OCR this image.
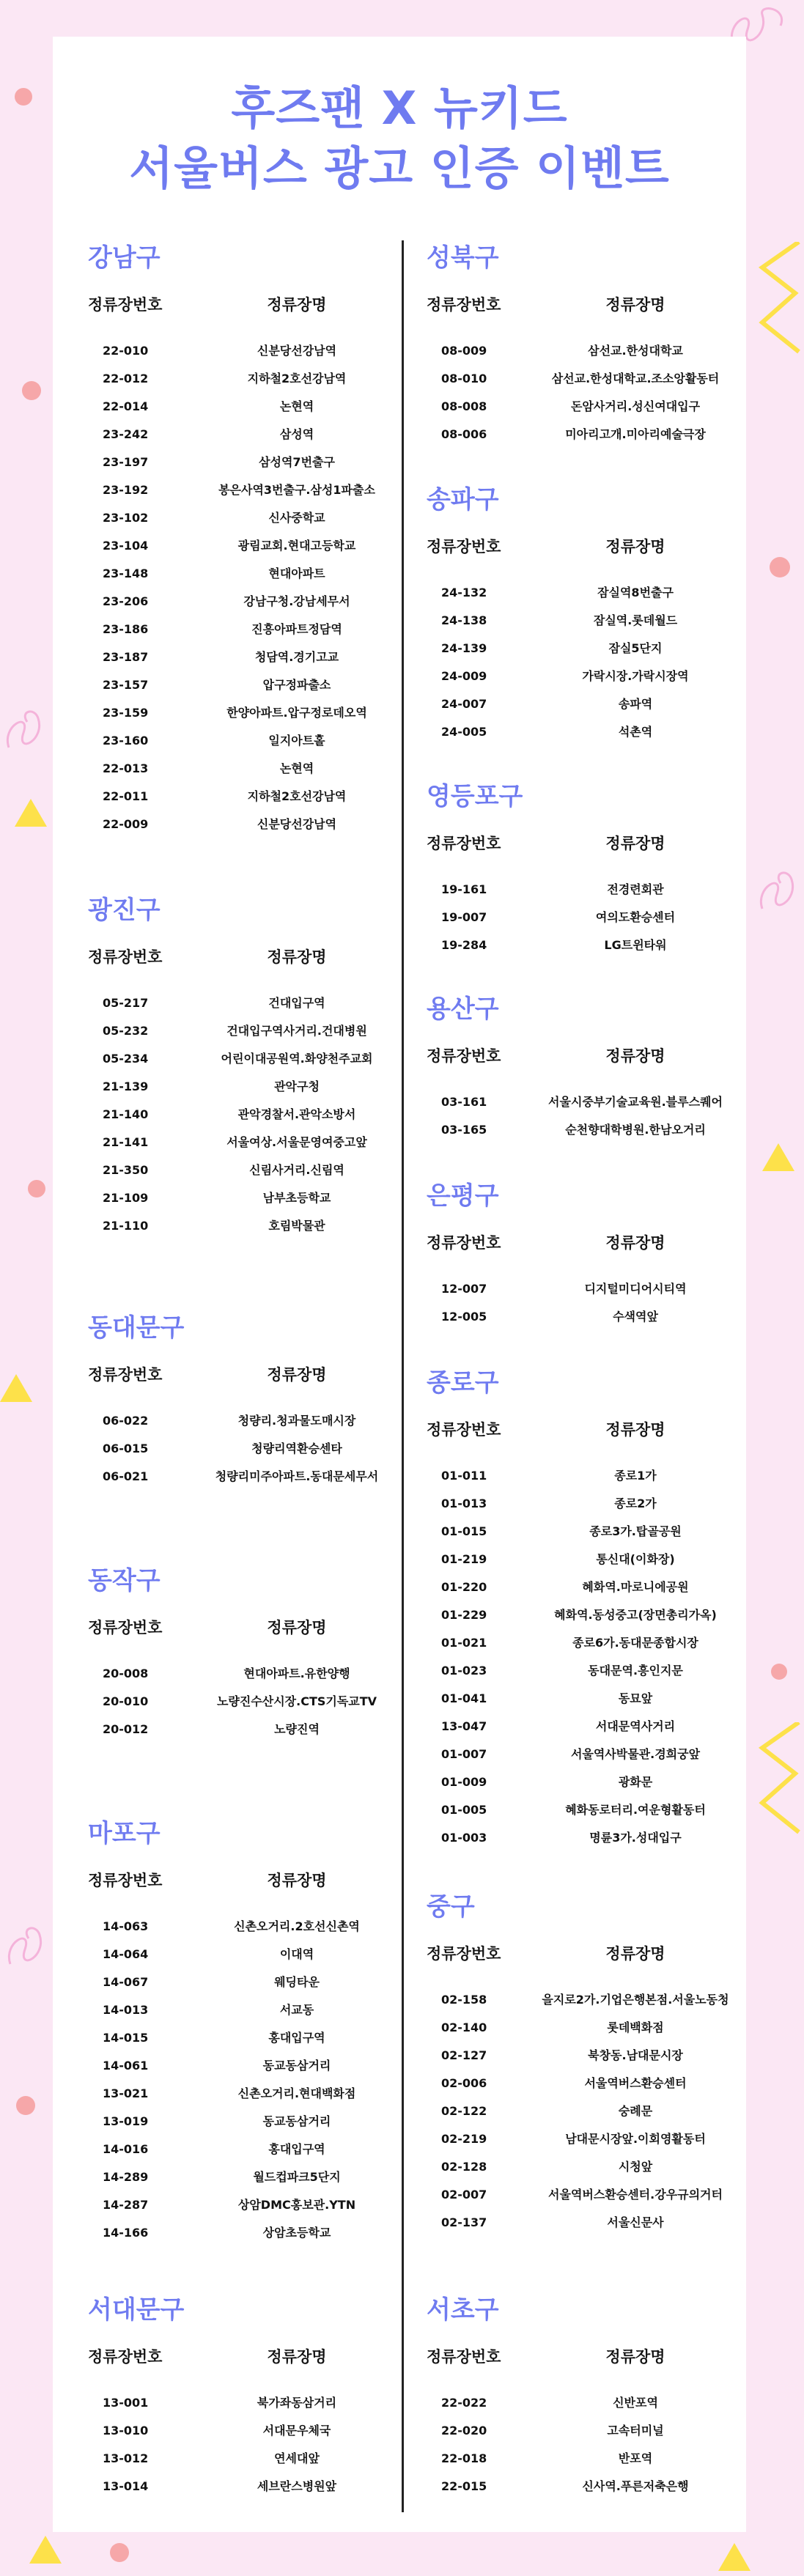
후즈팬 X 뉴키드
서울버스 광고 인증 이벤트
강남구
정류장번호	정류장명
22-010	신분당선강남역
22-012	지하철2호선강남역
22-014	논현역
23-242	삼성역
23-197	삼성역7번출구
23-192	봉은사역3번출구.삼성1파출소
23-102	신사중학교
23-104	광림교회.현대고등학교
23-148	현대아파트
23-206	강남구청.강남세무서
23-186	진흥아파트정담역
23-187	청담역.경기고교
23-157	압구정파출소
23-159	한양아파트.압구정로데오역
23-160	일지아트홀
22-013	논현역
22-011	지하철2호선강남역
22-009	신분당선강남역
광진구
정류장번호	정류장명
05-217	건대입구역
05-232	건대입구역사거리.건대병원
05-234	어린이대공원역.화양천주교회
21-139	관악구청
21-140	관악경찰서.관악소방서
21-141	서울여상.서울문영여중고앞
21-350	신림사거리.신림역
21-109	남부초등학교
21-110	호림박물관
동대문구
정류장번호	정류장명
06-022	청량리.청과물도매시장
06-015	청량리역환승센타
06-021	청량리미주아파트.동대문세무서
동작구
정류장번호	정류장명
20-008	현대아파트.유한양행
20-010	노량진수산시장.CTS기독교TV
20-012	노량진역
마포구
정류장번호	정류장명
14-063	신촌오거리.2호선신촌역
14-064	이대역
14-067	웨딩타운
14-013	서교동
14-015	홍대입구역
14-061	동교동삼거리
13-021	신촌오거리.현대백화점
13-019	동교동삼거리
14-016	홍대입구역
14-289	월드컵파크5단지
14-287	상암DMC홍보관.YTN
14-166	상암초등학교
서대문구
정류장번호	정류장명
13-001	북가좌동삼거리
13-010	서대문우체국
13-012	연세대앞
13-014	세브란스병원앞
성북구
정류장번호	정류장명
08-009	삼선교.한성대학교
08-010	삼선교.한성대학교.조소앙활동터
08-008	돈암사거리.성신여대입구
08-006	미아리고개.미아리예술극장
송파구
정류장번호	정류장명
24-132	잠실역8번출구
24-138	잠실역.롯데월드
24-139	잠실5단지
24-009	가락시장.가락시장역
24-007	송파역
24-005	석촌역
영등포구
정류장번호	정류장명
19-161	전경련회관
19-007	여의도환승센터
19-284	LG트윈타워
용산구
정류장번호	정류장명
03-161	서울시중부기술교육원.블루스퀘어
03-165	순천향대학병원.한남오거리
은평구
정류장번호	정류장명
12-007	디지털미디어시티역
12-005	수색역앞
종로구
정류장번호	정류장명
01-011	종로1가
01-013	종로2가
01-015	종로3가.탑골공원
01-219	통신대(이화장)
01-220	혜화역.마로니에공원
01-229	혜화역.동성중고(장면총리가옥)
01-021	종로6가.동대문종합시장
01-023	동대문역.흥인지문
01-041	동묘앞
13-047	서대문역사거리
01-007	서울역사박물관.경희궁앞
01-009	광화문
01-005	혜화동로터리.여운형활동터
01-003	명륜3가.성대입구
중구
정류장번호	정류장명
02-158	을지로2가.기업은행본점.서울노동청
02-140	롯데백화점
02-127	북창동.남대문시장
02-006	서울역버스환승센터
02-122	숭례문
02-219	남대문시장앞.이회영활동터
02-128	시청앞
02-007	서울역버스환승센터.강우규의거터
02-137	서울신문사
서초구
정류장번호	정류장명
22-022	신반포역
22-020	고속터미널
22-018	반포역
22-015	신사역.푸른저축은행
